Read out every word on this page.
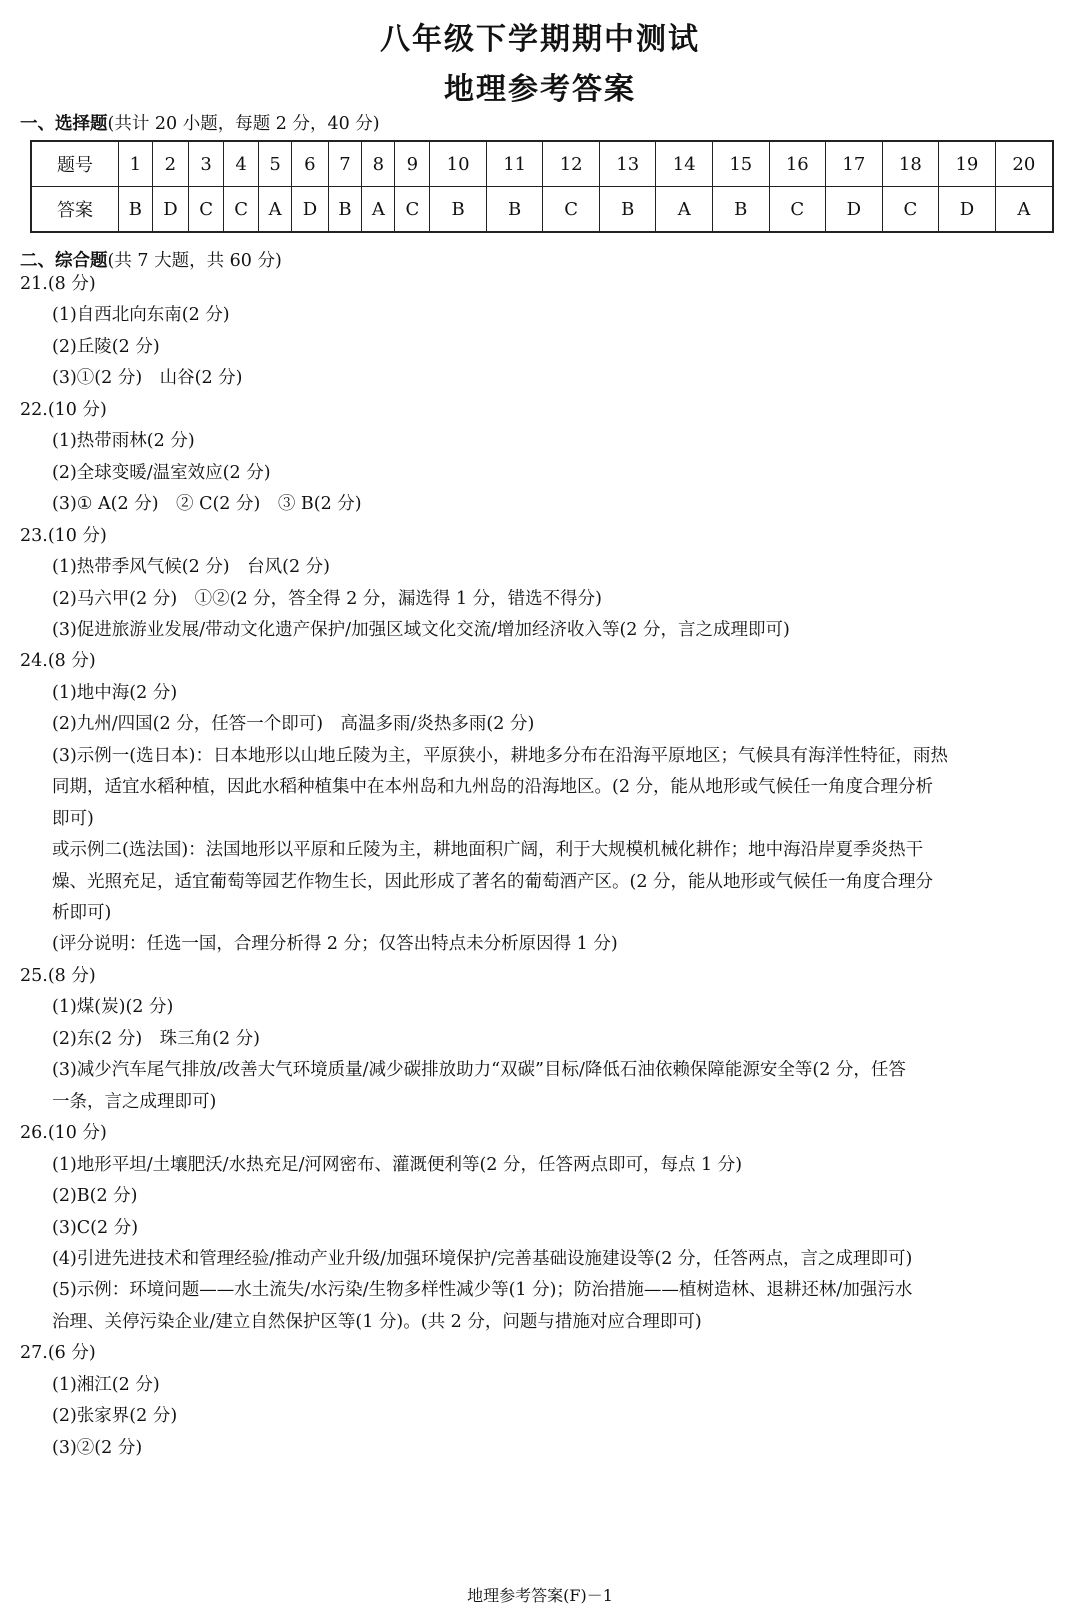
八年级下学期期中测试
地理参考答案
一、选择题(共计 20 小题，每题 2 分，40 分)
题号	1	2	3	4	5	6	7	8	9	10	11	12	13	14	15	16	17	18	19	20
答案	B	D	C	C	A	D	B	A	C	B	B	C	B	A	B	C	D	C	D	A
二、综合题(共 7 大题，共 60 分)
21.(8 分)
(1)自西北向东南(2 分)
(2)丘陵(2 分)
(3)①(2 分)　山谷(2 分)
22.(10 分)
(1)热带雨林(2 分)
(2)全球变暖/温室效应(2 分)
(3)① A(2 分)　② C(2 分)　③ B(2 分)
23.(10 分)
(1)热带季风气候(2 分)　台风(2 分)
(2)马六甲(2 分)　①②(2 分，答全得 2 分，漏选得 1 分，错选不得分)
(3)促进旅游业发展/带动文化遗产保护/加强区域文化交流/增加经济收入等(2 分，言之成理即可)
24.(8 分)
(1)地中海(2 分)
(2)九州/四国(2 分，任答一个即可)　高温多雨/炎热多雨(2 分)
(3)示例一(选日本)：日本地形以山地丘陵为主，平原狭小，耕地多分布在沿海平原地区；气候具有海洋性特征，雨热
同期，适宜水稻种植，因此水稻种植集中在本州岛和九州岛的沿海地区。(2 分，能从地形或气候任一角度合理分析
即可)
或示例二(选法国)：法国地形以平原和丘陵为主，耕地面积广阔，利于大规模机械化耕作；地中海沿岸夏季炎热干
燥、光照充足，适宜葡萄等园艺作物生长，因此形成了著名的葡萄酒产区。(2 分，能从地形或气候任一角度合理分
析即可)
(评分说明：任选一国，合理分析得 2 分；仅答出特点未分析原因得 1 分)
25.(8 分)
(1)煤(炭)(2 分)
(2)东(2 分)　珠三角(2 分)
(3)减少汽车尾气排放/改善大气环境质量/减少碳排放助力“双碳”目标/降低石油依赖保障能源安全等(2 分，任答
一条，言之成理即可)
26.(10 分)
(1)地形平坦/土壤肥沃/水热充足/河网密布、灌溉便利等(2 分，任答两点即可，每点 1 分)
(2)B(2 分)
(3)C(2 分)
(4)引进先进技术和管理经验/推动产业升级/加强环境保护/完善基础设施建设等(2 分，任答两点，言之成理即可)
(5)示例：环境问题——水土流失/水污染/生物多样性减少等(1 分)；防治措施——植树造林、退耕还林/加强污水
治理、关停污染企业/建立自然保护区等(1 分)。(共 2 分，问题与措施对应合理即可)
27.(6 分)
(1)湘江(2 分)
(2)张家界(2 分)
(3)②(2 分)
地理参考答案(F)－1
